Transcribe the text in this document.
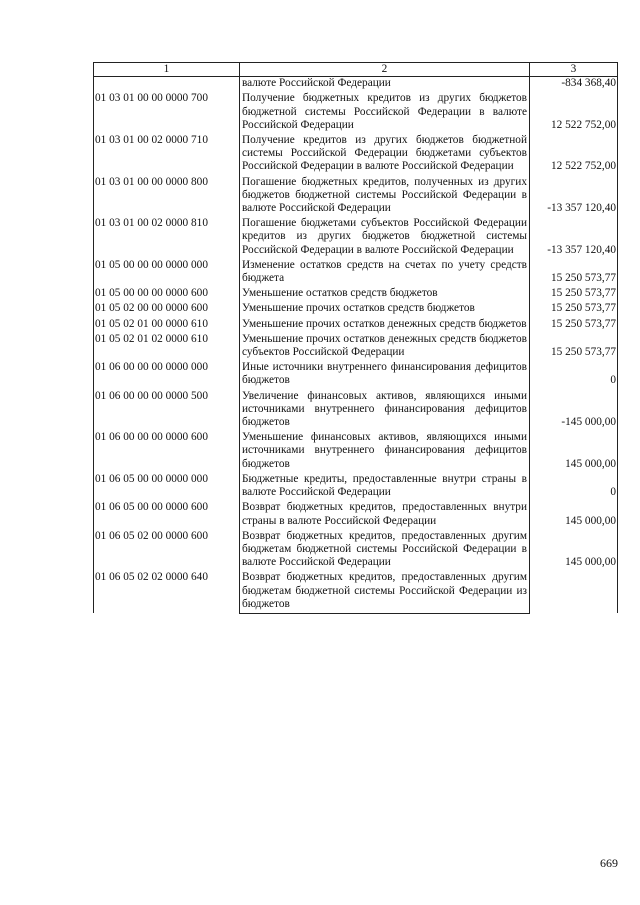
1	2	3
	валюте Российской Федерации	-834 368,40
01 03 01 00 00 0000 700	Получение бюджетных кредитов из других бюджетов бюджетной системы Российской Федерации в валюте Российской Федерации	12 522 752,00
01 03 01 00 02 0000 710	Получение кредитов из других бюджетов бюджетной системы Российской Федерации бюджетами субъектов Российской Федерации в валюте Российской Федерации	12 522 752,00
01 03 01 00 00 0000 800	Погашение бюджетных кредитов, полученных из других бюджетов бюджетной системы Российской Федерации в валюте Российской Федерации	-13 357 120,40
01 03 01 00 02 0000 810	Погашение бюджетами субъектов Российской Федерации кредитов из других бюджетов бюджетной системы Российской Федерации в валюте Российской Федерации	-13 357 120,40
01 05 00 00 00 0000 000	Изменение остатков средств на счетах по учету средств бюджета	15 250 573,77
01 05 00 00 00 0000 600	Уменьшение остатков средств бюджетов	15 250 573,77
01 05 02 00 00 0000 600	Уменьшение прочих остатков средств бюджетов	15 250 573,77
01 05 02 01 00 0000 610	Уменьшение прочих остатков денежных средств бюджетов	15 250 573,77
01 05 02 01 02 0000 610	Уменьшение прочих остатков денежных средств бюджетов субъектов Российской Федерации	15 250 573,77
01 06 00 00 00 0000 000	Иные источники внутреннего финансирования дефицитов бюджетов	0
01 06 00 00 00 0000 500	Увеличение финансовых активов, являющихся иными источниками внутреннего финансирования дефицитов бюджетов	-145 000,00
01 06 00 00 00 0000 600	Уменьшение финансовых активов, являющихся иными источниками внутреннего финансирования дефицитов бюджетов	145 000,00
01 06 05 00 00 0000 000	Бюджетные кредиты, предоставленные внутри страны в валюте Российской Федерации	0
01 06 05 00 00 0000 600	Возврат бюджетных кредитов, предоставленных внутри страны в валюте Российской Федерации	145 000,00
01 06 05 02 00 0000 600	Возврат бюджетных кредитов, предоставленных другим бюджетам бюджетной системы Российской Федерации в валюте Российской Федерации	145 000,00
01 06 05 02 02 0000 640	Возврат бюджетных кредитов, предоставленных другим бюджетам бюджетной системы Российской Федерации из бюджетов	
669
